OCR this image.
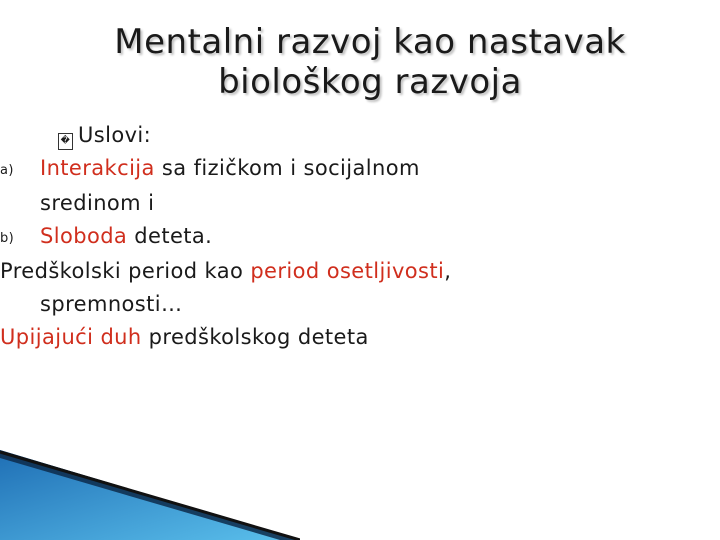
Mentalni razvoj kao nastavak
biološkog razvoja
� Uslovi:
a) Interakcija sa fizičkom i socijalnom
sredinom i
b) Sloboda deteta.
Predškolski period kao period osetljivosti,
spremnosti…
Upijajući duh predškolskog deteta
